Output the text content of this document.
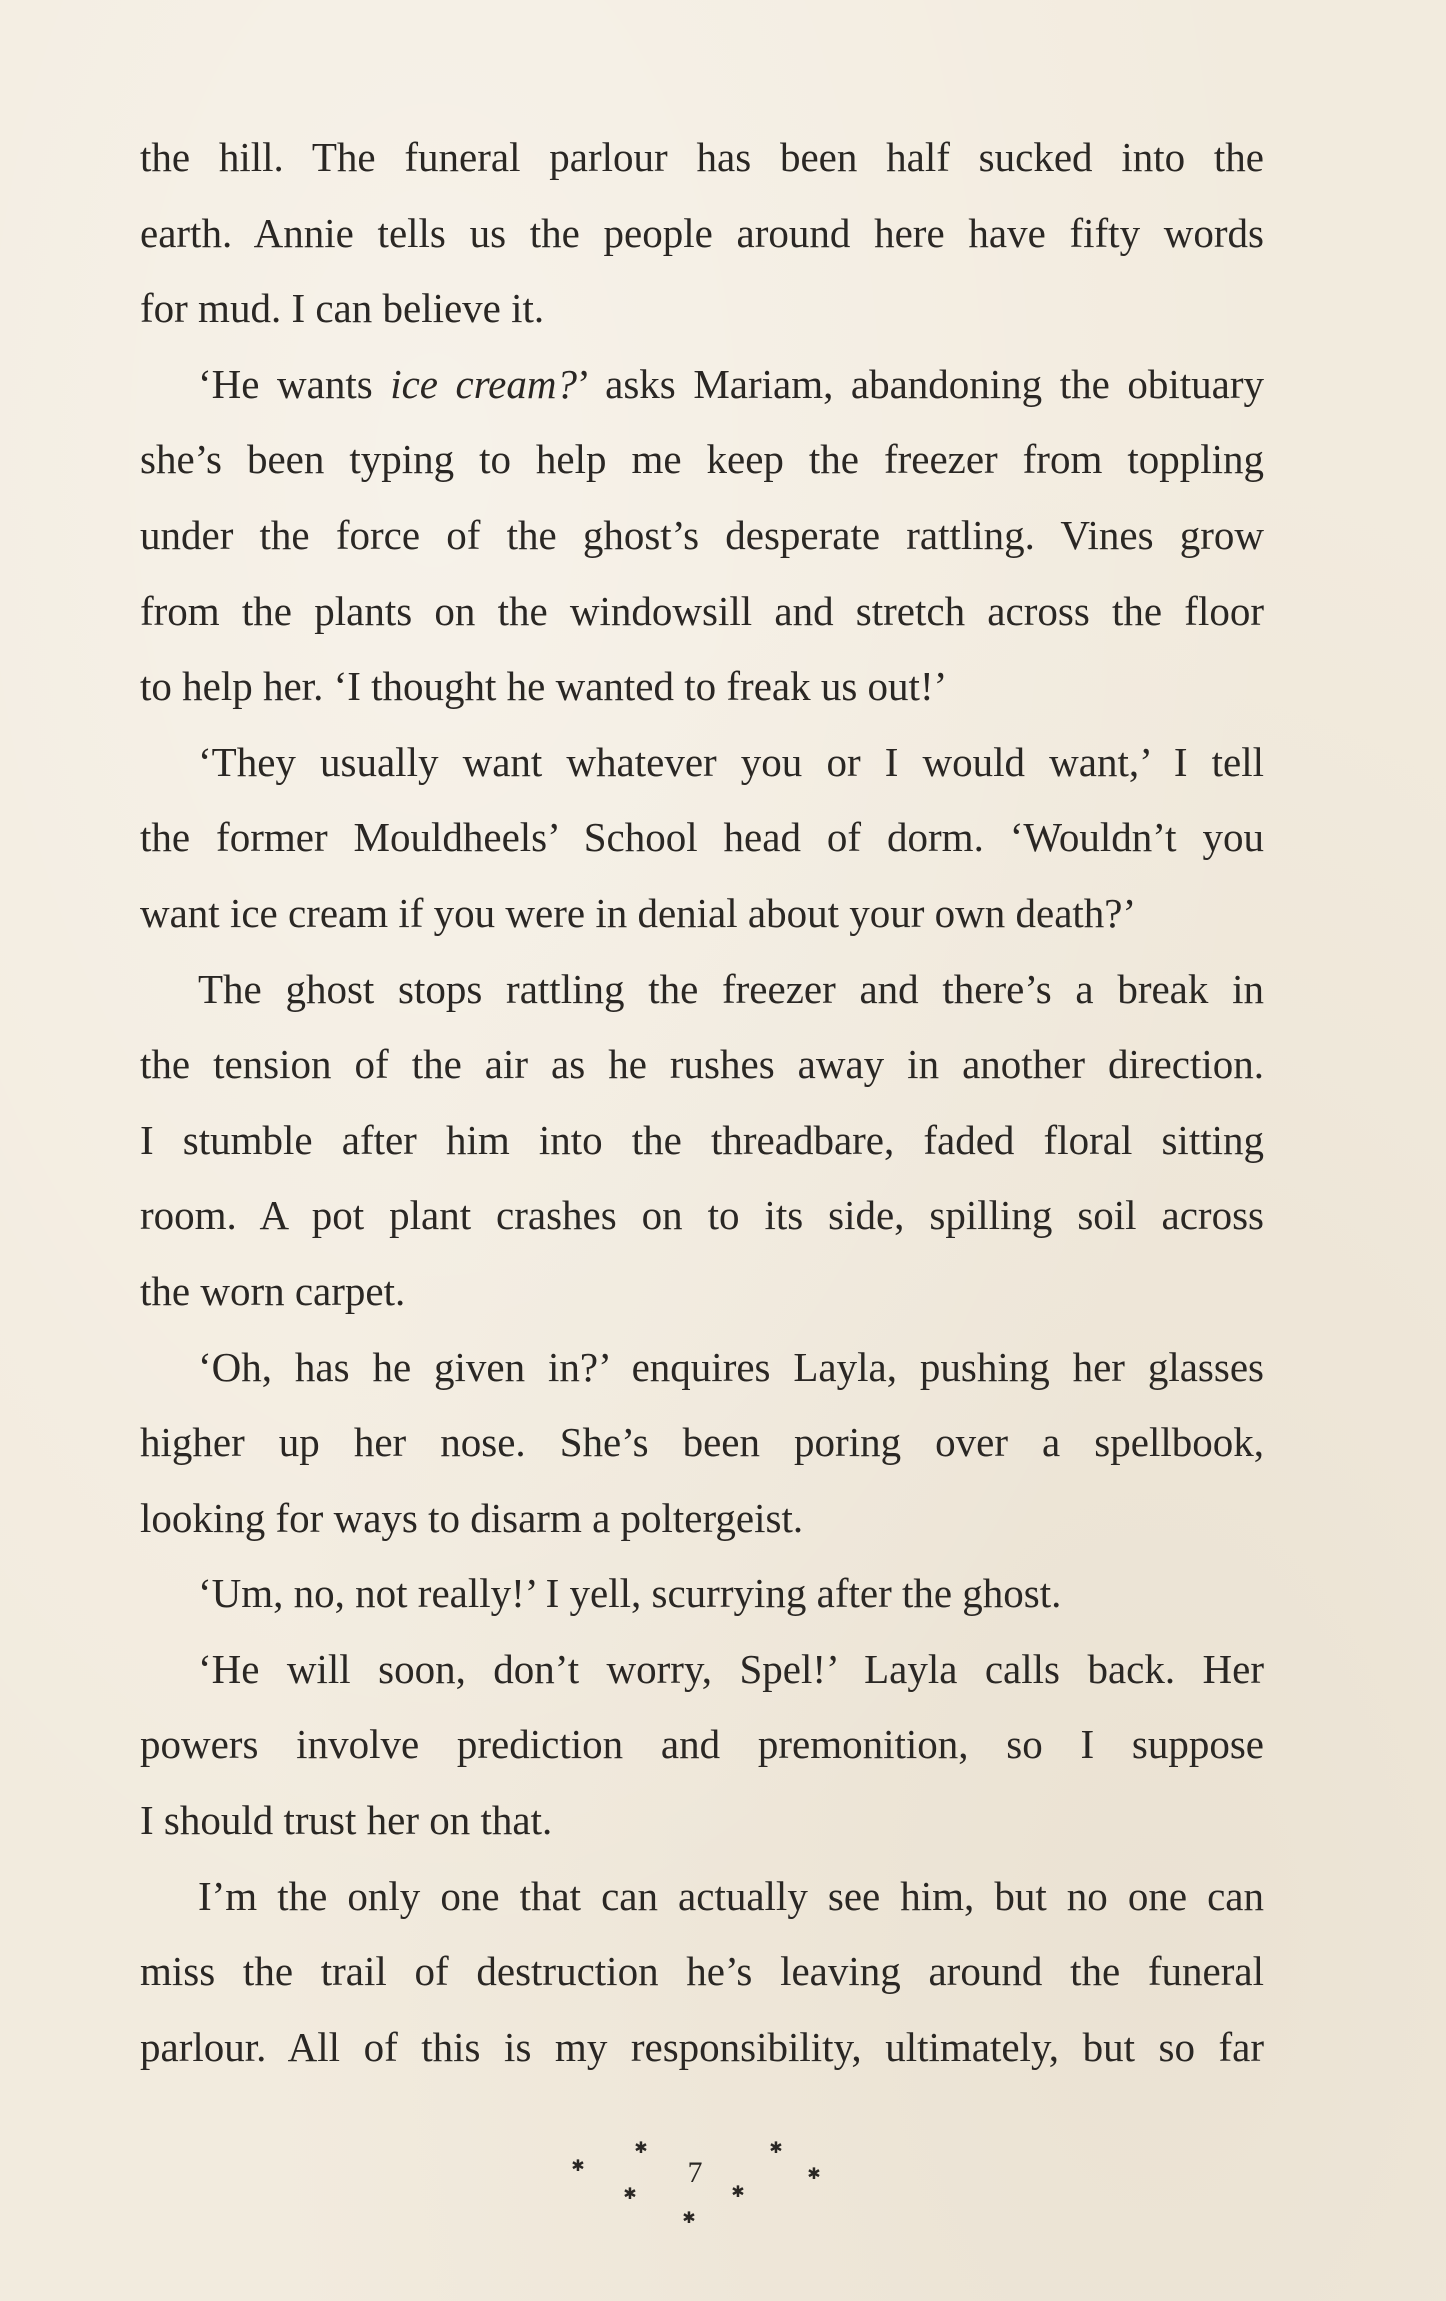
the hill. The funeral parlour has been half sucked into the
earth. Annie tells us the people around here have fifty words
for mud. I can believe it.
‘He wants ice cream?’ asks Mariam, abandoning the obituary
she’s been typing to help me keep the freezer from toppling
under the force of the ghost’s desperate rattling. Vines grow
from the plants on the windowsill and stretch across the floor
to help her. ‘I thought he wanted to freak us out!’
‘They usually want whatever you or I would want,’ I tell
the former Mouldheels’ School head of dorm. ‘Wouldn’t you
want ice cream if you were in denial about your own death?’
The ghost stops rattling the freezer and there’s a break in
the tension of the air as he rushes away in another direction.
I stumble after him into the threadbare, faded floral sitting
room. A pot plant crashes on to its side, spilling soil across
the worn carpet.
‘Oh, has he given in?’ enquires Layla, pushing her glasses
higher up her nose. She’s been poring over a spellbook,
looking for ways to disarm a poltergeist.
‘Um, no, not really!’ I yell, scurrying after the ghost.
‘He will soon, don’t worry, Spel!’ Layla calls back. Her
powers involve prediction and premonition, so I suppose
I should trust her on that.
I’m the only one that can actually see him, but no one can
miss the trail of destruction he’s leaving around the funeral
parlour. All of this is my responsibility, ultimately, but so far
✱
✱
✱
✱
✱
✱
✱
7
